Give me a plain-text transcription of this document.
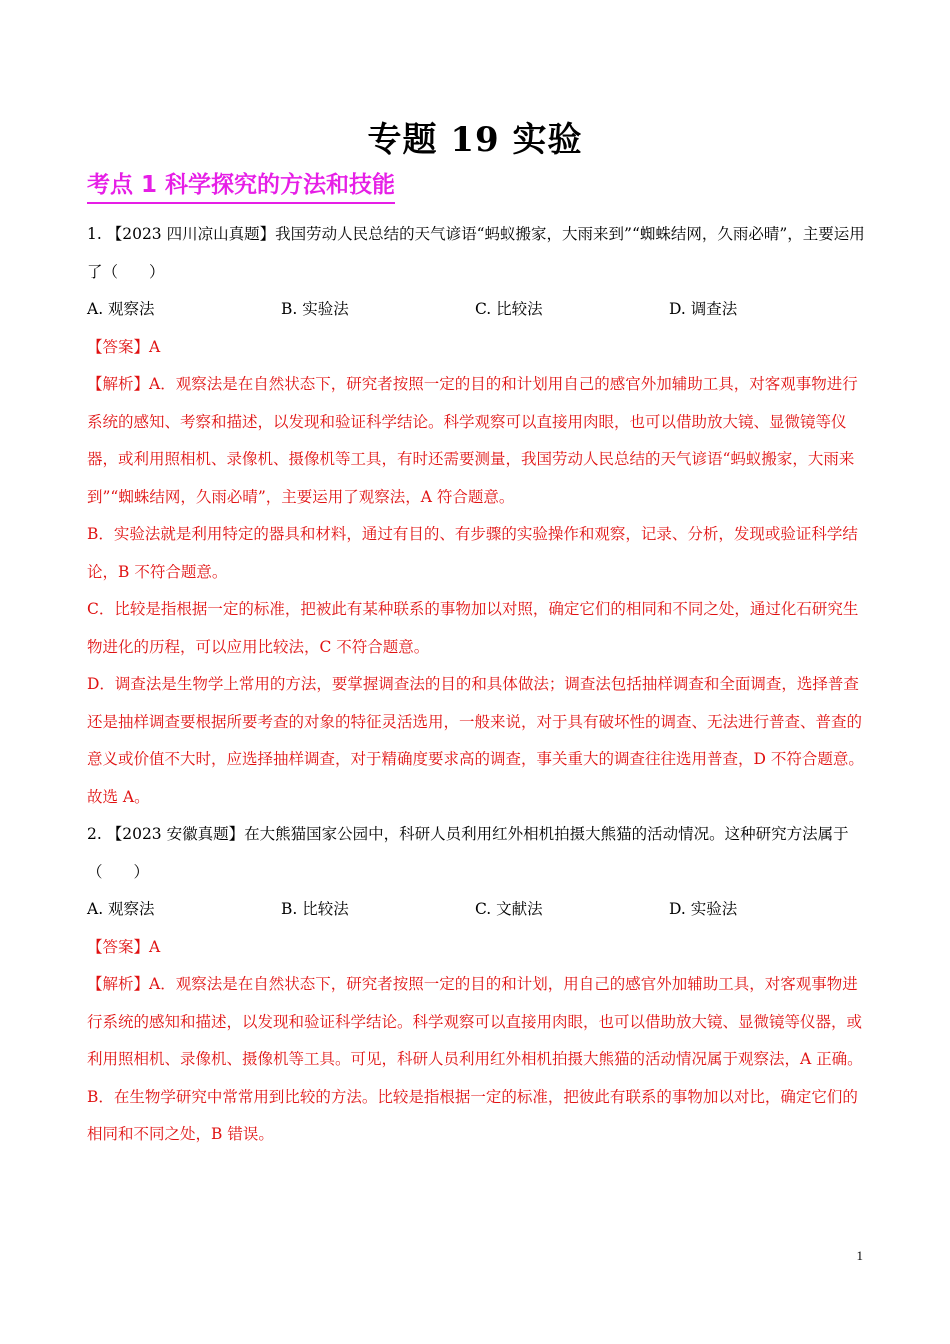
专题 19 实验
考点 1 科学探究的方法和技能

1. 【2023 四川凉山真题】我国劳动人民总结的天气谚语“蚂蚁搬家，大雨来到”“蜘蛛结网，久雨必晴”，主要运用了（　　）

A. 观察法	B. 实验法	C. 比较法	D. 调查法

【答案】A

【解析】A．观察法是在自然状态下，研究者按照一定的目的和计划用自己的感官外加辅助工具，对客观事物进行系统的感知、考察和描述，以发现和验证科学结论。科学观察可以直接用肉眼，也可以借助放大镜、显微镜等仪器，或利用照相机、录像机、摄像机等工具，有时还需要测量，我国劳动人民总结的天气谚语“蚂蚁搬家，大雨来到”“蜘蛛结网，久雨必晴”，主要运用了观察法，A 符合题意。

B．实验法就是利用特定的器具和材料，通过有目的、有步骤的实验操作和观察，记录、分析，发现或验证科学结论，B 不符合题意。

C．比较是指根据一定的标准，把被此有某种联系的事物加以对照，确定它们的相同和不同之处，通过化石研究生物进化的历程，可以应用比较法，C 不符合题意。

D．调查法是生物学上常用的方法，要掌握调查法的目的和具体做法；调查法包括抽样调查和全面调查，选择普查还是抽样调查要根据所要考查的对象的特征灵活选用，一般来说，对于具有破坏性的调查、无法进行普查、普查的意义或价值不大时，应选择抽样调查，对于精确度要求高的调查，事关重大的调查往往选用普查，D 不符合题意。

故选 A。

2. 【2023 安徽真题】在大熊猫国家公园中，科研人员利用红外相机拍摄大熊猫的活动情况。这种研究方法属于（　　）

A. 观察法	B. 比较法	C. 文献法	D. 实验法

【答案】A

【解析】A．观察法是在自然状态下，研究者按照一定的目的和计划，用自己的感官外加辅助工具，对客观事物进行系统的感知和描述，以发现和验证科学结论。科学观察可以直接用肉眼，也可以借助放大镜、显微镜等仪器，或利用照相机、录像机、摄像机等工具。可见，科研人员利用红外相机拍摄大熊猫的活动情况属于观察法，A 正确。

B．在生物学研究中常常用到比较的方法。比较是指根据一定的标准，把彼此有联系的事物加以对比，确定它们的相同和不同之处，B 错误。

1
